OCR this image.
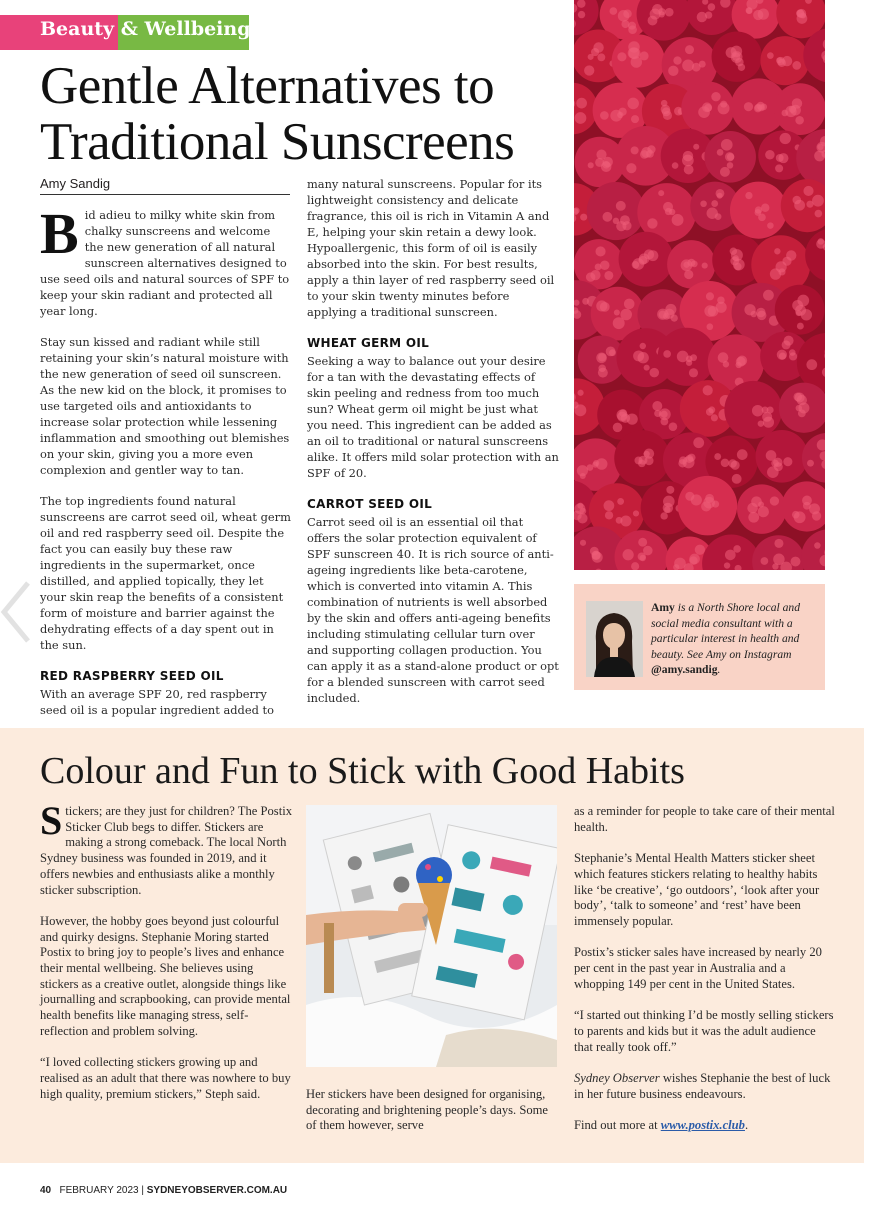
Beauty & Wellbeing
Gentle Alternatives to Traditional Sunscreens
Amy Sandig

Bid adieu to milky white skin from chalky sunscreens and welcome the new generation of all natural sunscreen alternatives designed to use seed oils and natural sources of SPF to keep your skin radiant and protected all year long.

Stay sun kissed and radiant while still retaining your skin’s natural moisture with the new generation of seed oil sunscreen. As the new kid on the block, it promises to use targeted oils and antioxidants to increase solar protection while lessening inflammation and smoothing out blemishes on your skin, giving you a more even complexion and gentler way to tan.

The top ingredients found natural sunscreens are carrot seed oil, wheat germ oil and red raspberry seed oil. Despite the fact you can easily buy these raw ingredients in the supermarket, once distilled, and applied topically, they let your skin reap the benefits of a consistent form of moisture and barrier against the dehydrating effects of a day spent out in the sun.

RED RASPBERRY SEED OIL

With an average SPF 20, red raspberry seed oil is a popular ingredient added to

many natural sunscreens. Popular for its lightweight consistency and delicate fragrance, this oil is rich in Vitamin A and E, helping your skin retain a dewy look. Hypoallergenic, this form of oil is easily absorbed into the skin. For best results, apply a thin layer of red raspberry seed oil to your skin twenty minutes before applying a traditional sunscreen.

WHEAT GERM OIL

Seeking a way to balance out your desire for a tan with the devastating effects of skin peeling and redness from too much sun? Wheat germ oil might be just what you need. This ingredient can be added as an oil to traditional or natural sunscreens alike. It offers mild solar protection with an SPF of 20.

CARROT SEED OIL

Carrot seed oil is an essential oil that offers the solar protection equivalent of SPF sunscreen 40. It is rich source of anti-ageing ingredients like beta-carotene, which is converted into vitamin A. This combination of nutrients is well absorbed by the skin and offers anti-ageing benefits including stimulating cellular turn over and supporting collagen production. You can apply it as a stand-alone product or opt for a blended sunscreen with carrot seed included.

Amy is a North Shore local and social media consultant with a particular interest in health and beauty. See Amy on Instagram @amy.sandig.
Colour and Fun to Stick with Good Habits

Stickers; are they just for children? The Postix Sticker Club begs to differ. Stickers are making a strong comeback. The local North Sydney business was founded in 2019, and it offers newbies and enthusiasts alike a monthly sticker subscription.

However, the hobby goes beyond just colourful and quirky designs. Stephanie Moring started Postix to bring joy to people’s lives and enhance their mental wellbeing. She believes using stickers as a creative outlet, alongside things like journalling and scrapbooking, can provide mental health benefits like managing stress, self-reflection and problem solving.

“I loved collecting stickers growing up and realised as an adult that there was nowhere to buy high quality, premium stickers,” Steph said.	Her stickers have been designed for organising, decorating and brightening people’s days. Some of them however, serve

as a reminder for people to take care of their mental health.

Stephanie’s Mental Health Matters sticker sheet which features stickers relating to healthy habits like ‘be creative’, ‘go outdoors’, ‘look after your body’, ‘talk to someone’ and ‘rest’ have been immensely popular.

Postix’s sticker sales have increased by nearly 20 per cent in the past year in Australia and a whopping 149 per cent in the United States.

“I started out thinking I’d be mostly selling stickers to parents and kids but it was the adult audience that really took off.”

Sydney Observer wishes Stephanie the best of luck in her future business endeavours.

Find out more at www.postix.club.

40 FEBRUARY 2023 | SYDNEYOBSERVER.COM.AU
